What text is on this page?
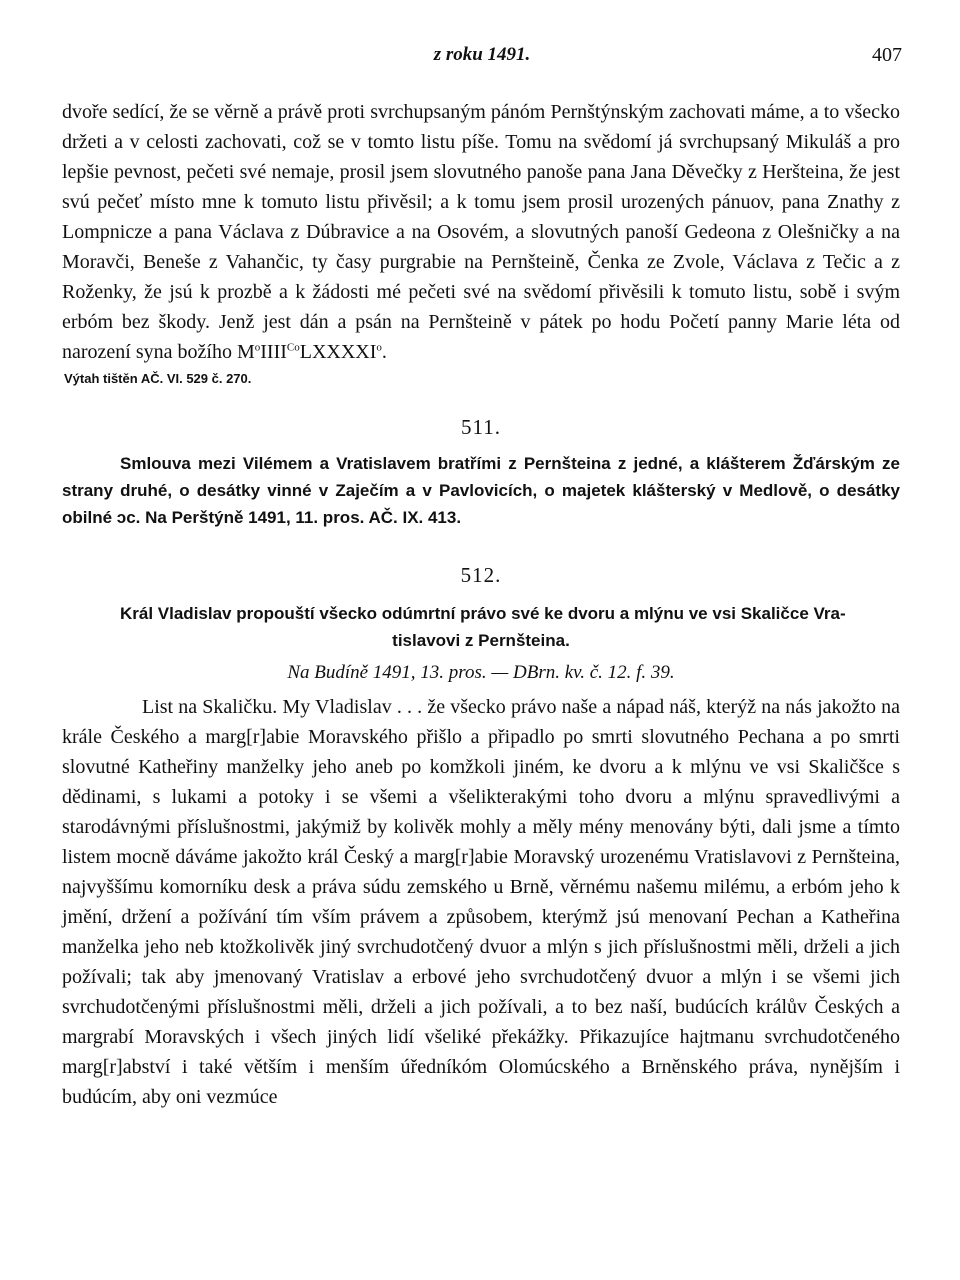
z roku 1491.	407

dvoře sedící, že se věrně a právě proti svrchupsaným pánóm Pernštýnským zachovati máme, a to všecko držeti a v celosti zachovati, což se v tomto listu píše. Tomu na svědomí já svrchupsaný Mikuláš a pro lepšie pevnost, pečeti své nemaje, prosil jsem slovutného panoše pana Jana Děvečky z Heršteina, že jest svú pečeť místo mne k tomuto listu přivěsil; a k tomu jsem prosil urozených pánuov, pana Znathy z Lompnicze a pana Václava z Dúbravice a na Osovém, a slovutných panoší Gedeona z Olešničky a na Moravči, Beneše z Vahančic, ty časy purgrabie na Pernšteině, Čenka ze Zvole, Václava z Tečic a z Roženky, že jsú k prozbě a k žádosti mé pečeti své na svědomí přivěsili k tomuto listu, sobě i svým erbóm bez škody. Jenž jest dán a psán na Pernšteině v pátek po hodu Početí panny Marie léta od narození syna božího $M^oIIII^{Co}LXXXXI^o$.

Výtah tištěn AČ. VI. 529 č. 270.

511.

Smlouva mezi Vilémem a Vratislavem bratřími z Pernšteina z jedné, a klášterem Žďárským ze strany druhé, o desátky vinné v Zaječím a v Pavlovicích, o majetek klášterský v Medlově, o desátky obilné ɔc. Na Perštýně 1491, 11. pros. AČ. IX. 413.

512.

Král Vladislav propouští všecko odúmrtní právo své ke dvoru a mlýnu ve vsi Skaličce Vra-

tislavovi z Pernšteina.

Na Budíně 1491, 13. pros. — DBrn. kv. č. 12. f. 39.

List na Skaličku. My Vladislav . . . že všecko právo naše a nápad náš, kterýž na nás jakožto na krále Českého a marg[r]abie Moravského přišlo a připadlo po smrti slovutného Pechana a po smrti slovutné Katheřiny manželky jeho aneb po komžkoli jiném, ke dvoru a k mlýnu ve vsi Skaličšce s dědinami, s lukami a potoky i se všemi a všelikterakými toho dvoru a mlýnu spravedlivými a starodávnými příslušnostmi, jakýmiž by kolivěk mohly a měly mény menovány býti, dali jsme a tímto listem mocně dáváme jakožto král Český a marg[r]abie Moravský urozenému Vratislavovi z Pernšteina, najvyššímu komorníku desk a práva súdu zemského u Brně, věrnému našemu milému, a erbóm jeho k jmění, držení a požívání tím vším právem a způsobem, kterýmž jsú menovaní Pechan a Katheřina manželka jeho neb ktožkolivěk jiný svrchudotčený dvuor a mlýn s jich příslušnostmi měli, drželi a jich požívali; tak aby jmenovaný Vratislav a erbové jeho svrchudotčený dvuor a mlýn i se všemi jich svrchudotčenými příslušnostmi měli, drželi a jich požívali, a to bez naší, budúcích králův Českých a margrabí Moravských i všech jiných lidí všeliké překážky. Přikazujíce hajtmanu svrchudotčeného marg[r]abství i také větším i menším úředníkóm Olomúcského a Brněnského práva, nynějším i budúcím, aby oni vezmúce
